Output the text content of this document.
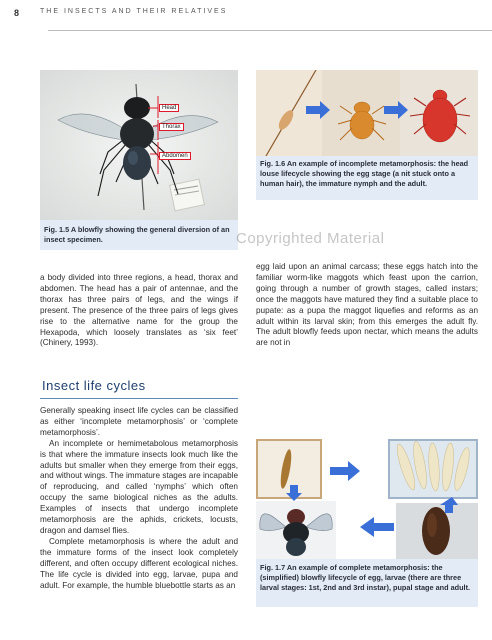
8	THE INSECTS AND THEIR RELATIVES
Head
Thorax
Abdomen
Fig. 1.5 A blowfly showing the general diversion of an insect specimen.
Fig. 1.6 An example of incomplete metamorphosis: the head louse lifecycle showing the egg stage (a nit stuck onto a human hair), the immature nymph and the adult.
Copyrighted Material

a body divided into three regions, a head, thorax and abdomen. The head has a pair of antennae, and the thorax has three pairs of legs, and the wings if present. The presence of the three pairs of legs gives rise to the alternative name for the group the Hexapoda, which loosely translates as ‘six feet’ (Chinery, 1993).

egg laid upon an animal carcass; these eggs hatch into the familiar worm-like maggots which feast upon the carrion, going through a number of growth stages, called instars; once the maggots have matured they find a suitable place to pupate: as a pupa the maggot liquefies and reforms as an adult within its larval skin; from this emerges the adult fly. The adult blowfly feeds upon nectar, which means the adults are not in

Insect life cycles

Generally speaking insect life cycles can be classified as either ‘incomplete metamorphosis’ or ‘complete metamorphosis’.

An incomplete or hemimetabolous metamorphosis is that where the immature insects look much like the adults but smaller when they emerge from their eggs, and without wings. The immature stages are incapable of reproducing, and called ‘nymphs’ which often occupy the same biological niches as the adults. Examples of insects that undergo incomplete metamorphosis are the aphids, crickets, locusts, dragon and damsel flies.

Complete metamorphosis is where the adult and the immature forms of the insect look completely different, and often occupy different ecological niches. The life cycle is divided into egg, larvae, pupa and adult. For example, the humble bluebottle starts as an

Fig. 1.7 An example of complete metamorphosis: the (simplified) blowfly lifecycle of egg, larvae (there are three larval stages: 1st, 2nd and 3rd instar), pupal stage and adult.
